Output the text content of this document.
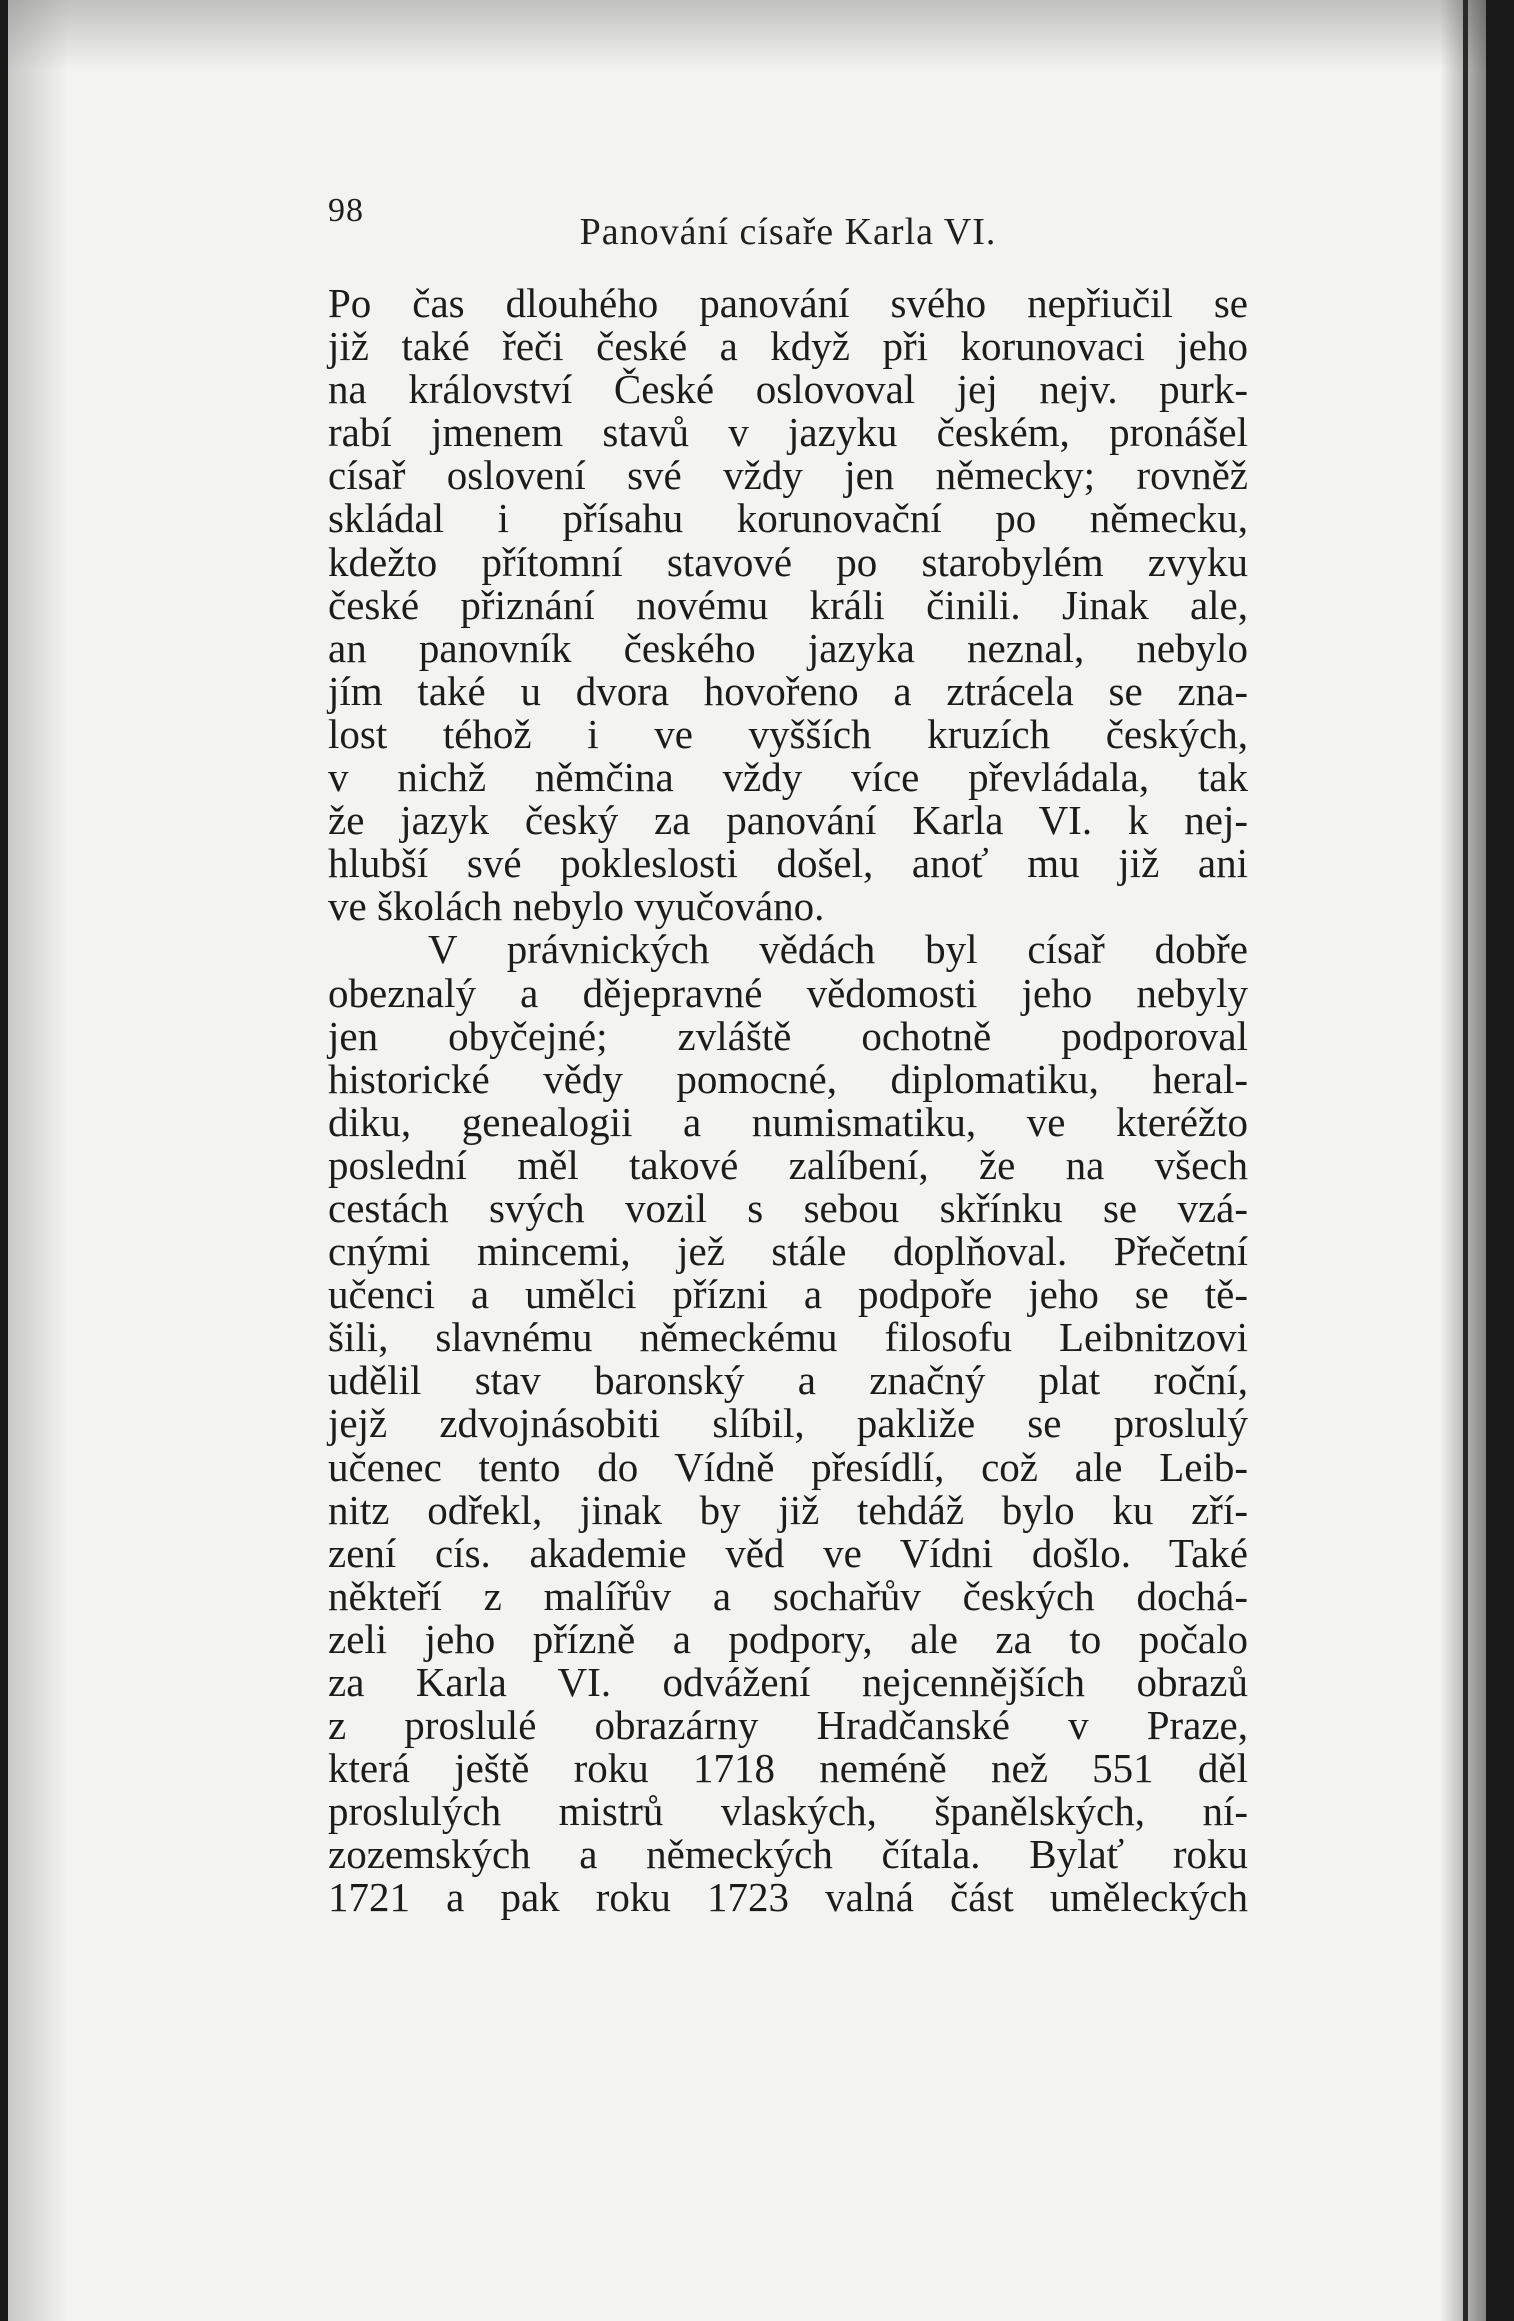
98
Panování císaře Karla VI.

Po čas dlouhého panování svého nepřiučil se
již také řeči české a když při korunovaci jeho
na království České oslovoval jej nejv. purk-
rabí jmenem stavů v jazyku českém, pronášel
císař oslovení své vždy jen německy; rovněž
skládal i přísahu korunovační po německu,
kdežto přítomní stavové po starobylém zvyku
české přiznání novému králi činili. Jinak ale,
an panovník českého jazyka neznal, nebylo
jím také u dvora hovořeno a ztrácela se zna-
lost téhož i ve vyšších kruzích českých,
v nichž němčina vždy více převládala, tak
že jazyk český za panování Karla VI. k nej-
hlubší své pokleslosti došel, anoť mu již ani
ve školách nebylo vyučováno.

V právnických vědách byl císař dobře
obeznalý a dějepravné vědomosti jeho nebyly
jen obyčejné; zvláště ochotně podporoval
historické vědy pomocné, diplomatiku, heral-
diku, genealogii a numismatiku, ve kteréžto
poslední měl takové zalíbení, že na všech
cestách svých vozil s sebou skřínku se vzá-
cnými mincemi, jež stále doplňoval. Přečetní
učenci a umělci přízni a podpoře jeho se tě-
šili, slavnému německému filosofu Leibnitzovi
udělil stav baronský a značný plat roční,
jejž zdvojnásobiti slíbil, pakliže se proslulý
učenec tento do Vídně přesídlí, což ale Leib-
nitz odřekl, jinak by již tehdáž bylo ku zří-
zení cís. akademie věd ve Vídni došlo. Také
někteří z malířův a sochařův českých dochá-
zeli jeho přízně a podpory, ale za to počalo
za Karla VI. odvážení nejcennějších obrazů
z proslulé obrazárny Hradčanské v Praze,
která ještě roku 1718 neméně než 551 děl
proslulých mistrů vlaských, španělských, ní-
zozemských a německých čítala. Bylať roku
1721 a pak roku 1723 valná část uměleckých
